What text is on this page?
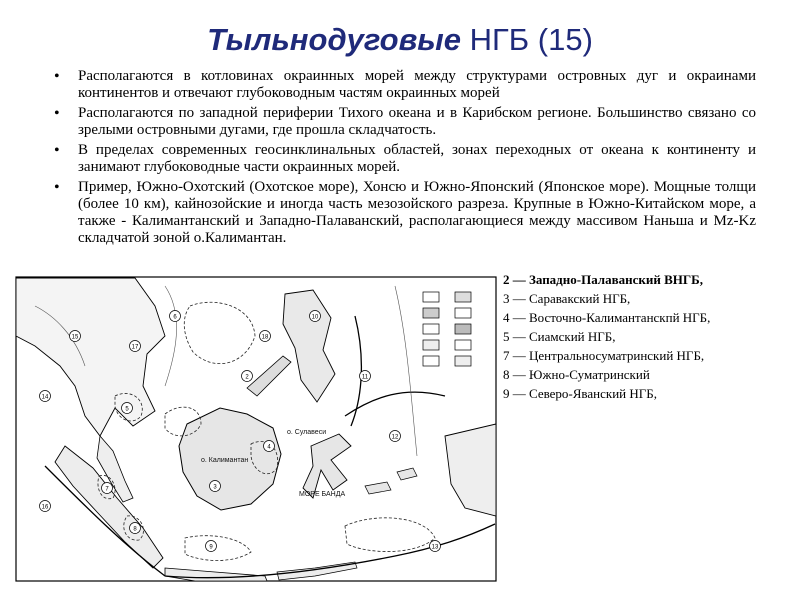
Тыльнодуговые НГБ (15)
• Располагаются в котловинах окраинных морей между структурами островных дуг и окраинами континентов и отвечают глубоководным частям окраинных морей
• Располагаются по западной периферии Тихого океана и в Карибском регионе. Большинство связано со зрелыми островными дугами, где прошла складчатость.
• В пределах современных геосинклинальных областей, зонах переходных от океана к континенту и занимают глубоководные части окраинных морей.
• Пример, Южно-Охотский (Охотское море), Хонсю и Южно-Японский (Японское море). Мощные толщи (более 10 км), кайнозойские и иногда часть мезозойского разреза. Крупные в Южно-Китайском море, а также - Калимантанский и Западно-Палаванский, располагающиеся между массивом Наньша и Mz-Kz складчатой зоной о.Калимантан.
о. Сулавеси
МОРЕ БАНДА
о. Калимантан
2
3
4
5
6
7
8
9
10
11
12
13
14
15
16
17
18
2 — Западно-Палаванский ВНГБ,
3 — Саравакский НГБ,
4 — Восточно-Калимантанскпй НГБ,
5 — Сиамский НГБ,
7 — Центральносуматринский НГБ,
8 — Южно-Суматринский
9 — Северо-Яванский НГБ,
